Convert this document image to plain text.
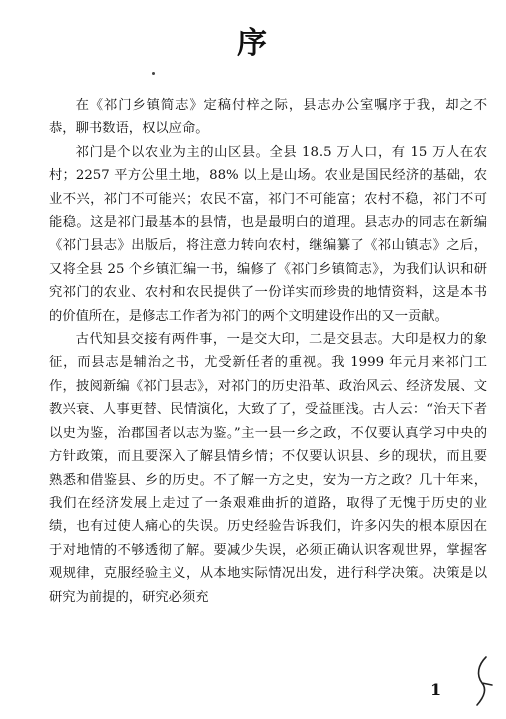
序

在《祁门乡镇简志》定稿付梓之际，县志办公室嘱序于我，却之不恭，聊书数语，权以应命。

祁门是个以农业为主的山区县。全县 18.5 万人口，有 15 万人在农村；2257 平方公里土地，88% 以上是山场。农业是国民经济的基础，农业不兴，祁门不可能兴；农民不富，祁门不可能富；农村不稳，祁门不可能稳。这是祁门最基本的县情，也是最明白的道理。县志办的同志在新编《祁门县志》出版后，将注意力转向农村，继编纂了《祁山镇志》之后，又将全县 25 个乡镇汇编一书，编修了《祁门乡镇简志》，为我们认识和研究祁门的农业、农村和农民提供了一份详实而珍贵的地情资料，这是本书的价值所在，是修志工作者为祁门的两个文明建设作出的又一贡献。

古代知县交接有两件事，一是交大印，二是交县志。大印是权力的象征，而县志是辅治之书，尤受新任者的重视。我 1999 年元月来祁门工作，披阅新编《祁门县志》，对祁门的历史沿革、政治风云、经济发展、文教兴衰、人事更替、民情演化，大致了了，受益匪浅。古人云：“治天下者以史为鉴，治郡国者以志为鉴。”主一县一乡之政，不仅要认真学习中央的方针政策，而且要深入了解县情乡情；不仅要认识县、乡的现状，而且要熟悉和借鉴县、乡的历史。不了解一方之史，安为一方之政？几十年来，我们在经济发展上走过了一条艰难曲折的道路，取得了无愧于历史的业绩，也有过使人痛心的失误。历史经验告诉我们，许多闪失的根本原因在于对地情的不够透彻了解。要减少失误，必须正确认识客观世界，掌握客观规律，克服经验主义，从本地实际情况出发，进行科学决策。决策是以研究为前提的，研究必须充

1
